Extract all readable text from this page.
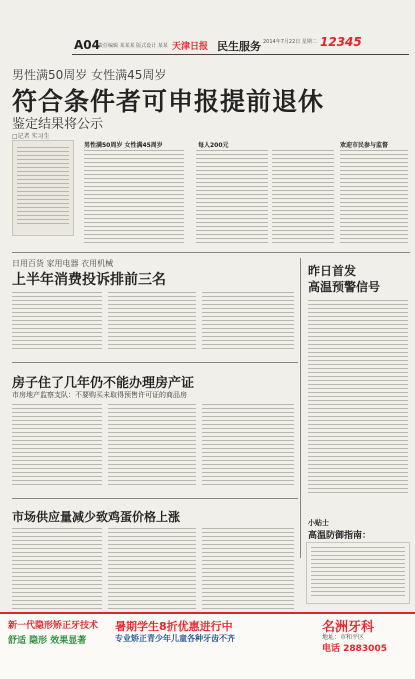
A04
责任编辑 某某某 版式设计 某某 天津日报 民生服务 2014年7月22日 星期二 12345
男性满50周岁 女性满45周岁
符合条件者可申报提前退休
鉴定结果将公示
□记者 实习生
男性满50周岁 女性满45周岁	每人200元	欢迎市民参与监督
日用百货 家用电器 衣用机械
上半年消费投诉排前三名
昨日首发
高温预警信号
房子住了几年仍不能办理房产证
市房地产监察支队：不要购买未取得预售许可证的商品房
市场供应量减少致鸡蛋价格上涨	小贴士
高温防御指南：
新一代隐形矫正牙技术
舒适 隐形 效果显著
暑期学生8折优惠进行中
专业矫正青少年儿童各种牙齿不齐
名洲牙科
地址：市和平区
电话 2883005
